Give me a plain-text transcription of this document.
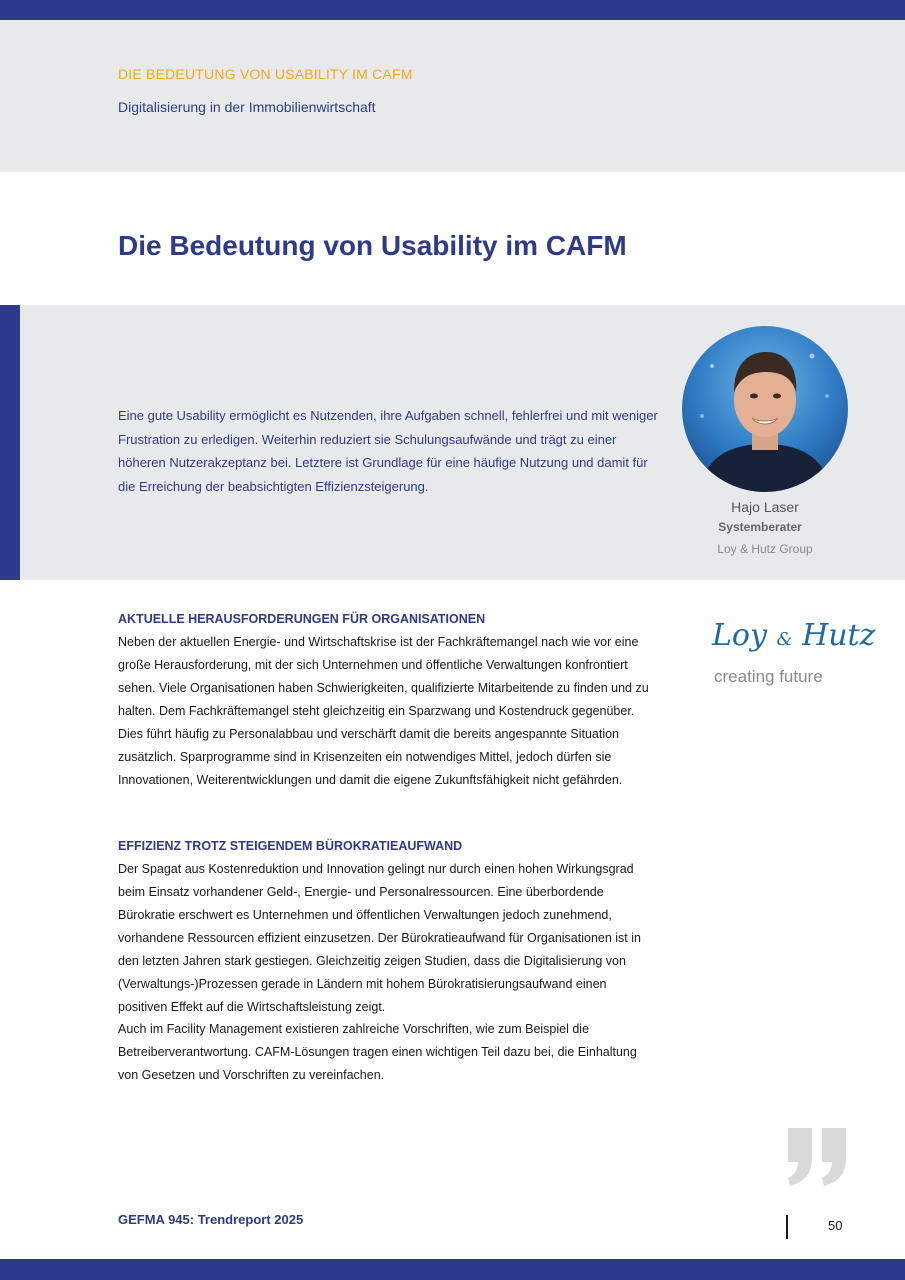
DIE BEDEUTUNG VON USABILITY IM CAFM
Digitalisierung in der Immobilienwirtschaft
Die Bedeutung von Usability im CAFM

Eine gute Usability ermöglicht es Nutzenden, ihre Aufgaben schnell, fehlerfrei und mit weniger Frustration zu erledigen. Weiterhin reduziert sie Schulungsaufwände und trägt zu einer höheren Nutzerakzeptanz bei. Letztere ist Grundlage für eine häufige Nutzung und damit für die Erreichung der beabsichtigten Effizienzsteigerung.

Hajo Laser
Systemberater
Loy & Hutz Group
AKTUELLE HERAUSFORDERUNGEN FÜR ORGANISATIONEN

Neben der aktuellen Energie- und Wirtschaftskrise ist der Fachkräftemangel nach wie vor eine große Herausforderung, mit der sich Unternehmen und öffentliche Verwaltungen konfrontiert sehen. Viele Organisationen haben Schwierigkeiten, qualifizierte Mitarbeitende zu finden und zu halten. Dem Fachkräftemangel steht gleichzeitig ein Sparzwang und Kostendruck gegenüber. Dies führt häufig zu Personalabbau und verschärft damit die bereits angespannte Situation zusätzlich. Sparprogramme sind in Krisenzeiten ein notwendiges Mittel, jedoch dürfen sie Innovationen, Weiterentwicklungen und damit die eigene Zukunftsfähigkeit nicht gefährden.

EFFIZIENZ TROTZ STEIGENDEM BÜROKRATIEAUFWAND

Der Spagat aus Kostenreduktion und Innovation gelingt nur durch einen hohen Wirkungsgrad beim Einsatz vorhandener Geld-, Energie- und Personalressourcen. Eine überbordende Bürokratie erschwert es Unternehmen und öffentlichen Verwaltungen jedoch zunehmend, vorhandene Ressourcen effizient einzusetzen. Der Bürokratieaufwand für Organisationen ist in den letzten Jahren stark gestiegen. Gleichzeitig zeigen Studien, dass die Digitalisierung von (Verwaltungs-)Prozessen gerade in Ländern mit hohem Bürokratisierungsaufwand einen positiven Effekt auf die Wirtschaftsleistung zeigt.

Auch im Facility Management existieren zahlreiche Vorschriften, wie zum Beispiel die Betreiberverantwortung. CAFM-Lösungen tragen einen wichtigen Teil dazu bei, die Einhaltung von Gesetzen und Vorschriften zu vereinfachen.

Loy & Hutz
creating future
GEFMA 945: Trendreport 2025	50
